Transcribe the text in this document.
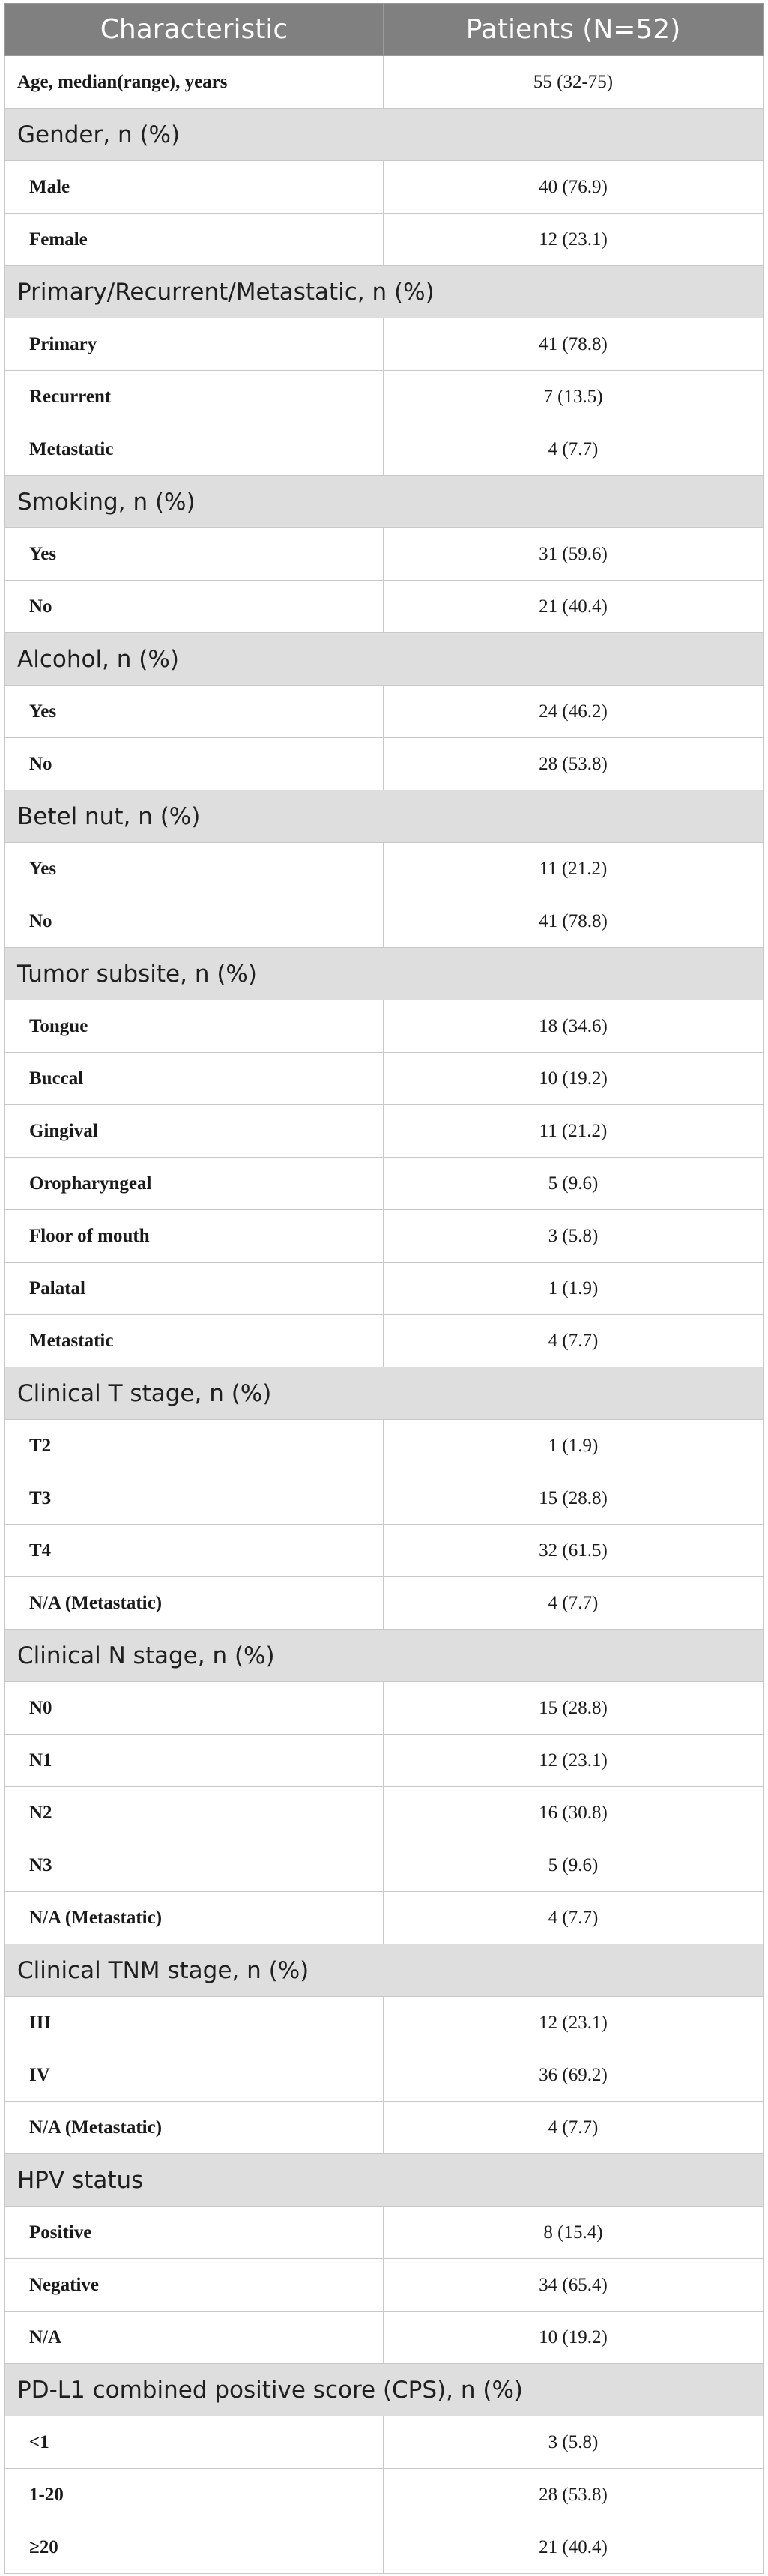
Characteristic	Patients (N=52)
Age, median(range), years	55 (32-75)
Gender, n (%)	
Male	40 (76.9)
Female	12 (23.1)
Primary/Recurrent/Metastatic, n (%)	
Primary	41 (78.8)
Recurrent	7 (13.5)
Metastatic	4 (7.7)
Smoking, n (%)	
Yes	31 (59.6)
No	21 (40.4)
Alcohol, n (%)	
Yes	24 (46.2)
No	28 (53.8)
Betel nut, n (%)	
Yes	11 (21.2)
No	41 (78.8)
Tumor subsite, n (%)	
Tongue	18 (34.6)
Buccal	10 (19.2)
Gingival	11 (21.2)
Oropharyngeal	5 (9.6)
Floor of mouth	3 (5.8)
Palatal	1 (1.9)
Metastatic	4 (7.7)
Clinical T stage, n (%)	
T2	1 (1.9)
T3	15 (28.8)
T4	32 (61.5)
N/A (Metastatic)	4 (7.7)
Clinical N stage, n (%)	
N0	15 (28.8)
N1	12 (23.1)
N2	16 (30.8)
N3	5 (9.6)
N/A (Metastatic)	4 (7.7)
Clinical TNM stage, n (%)	
III	12 (23.1)
IV	36 (69.2)
N/A (Metastatic)	4 (7.7)
HPV status	
Positive	8 (15.4)
Negative	34 (65.4)
N/A	10 (19.2)
PD-L1 combined positive score (CPS), n (%)	
<1	3 (5.8)
1-20	28 (53.8)
≥20	21 (40.4)
